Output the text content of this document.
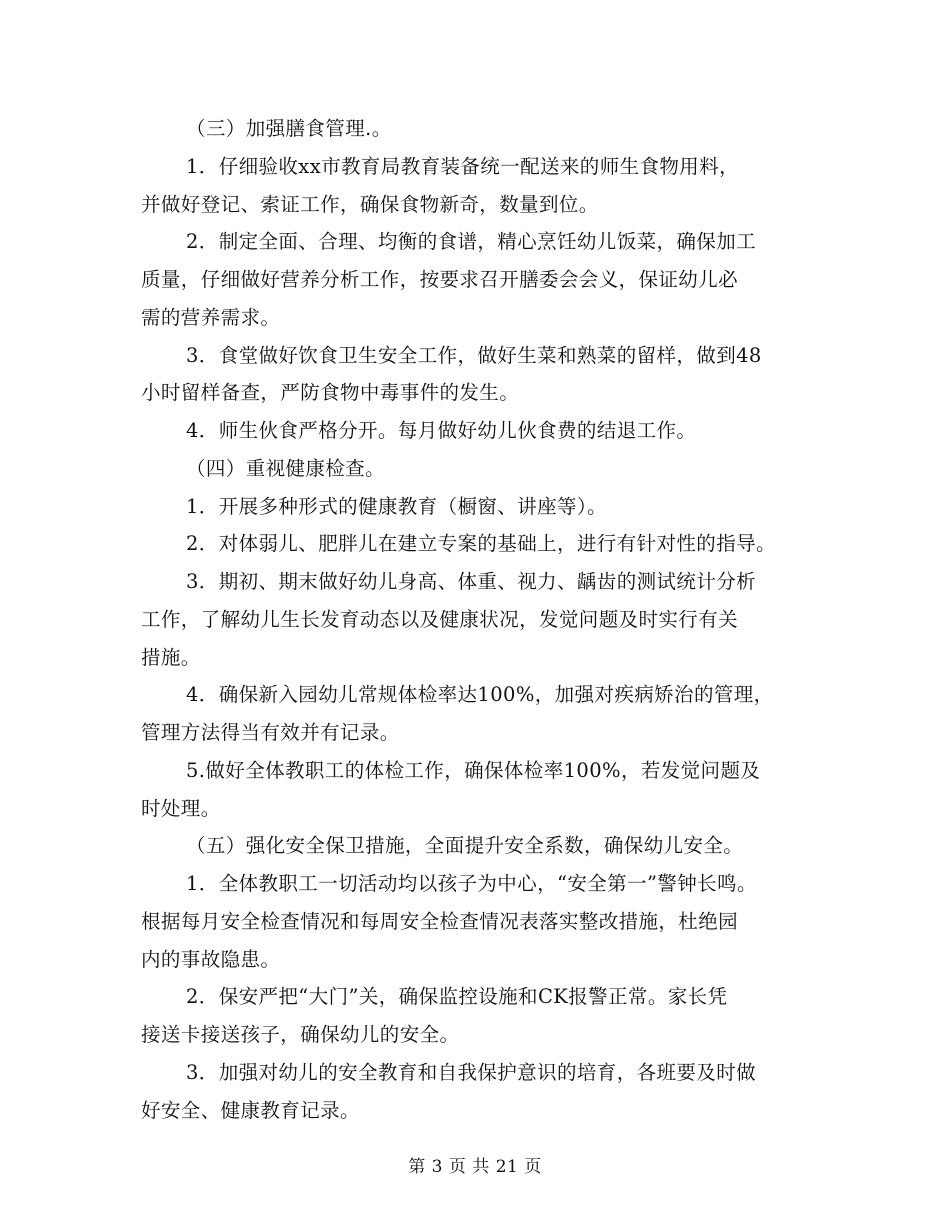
（三）加强膳食管理.。
1．仔细验收xx市教育局教育装备统一配送来的师生食物用料，
并做好登记、索证工作，确保食物新奇，数量到位。
2．制定全面、合理、均衡的食谱，精心烹饪幼儿饭菜，确保加工
质量，仔细做好营养分析工作，按要求召开膳委会会义，保证幼儿必
需的营养需求。
3．食堂做好饮食卫生安全工作，做好生菜和熟菜的留样，做到48
小时留样备查，严防食物中毒事件的发生。
4．师生伙食严格分开。每月做好幼儿伙食费的结退工作。
（四）重视健康检查。
1．开展多种形式的健康教育（橱窗、讲座等）。
2．对体弱儿、肥胖儿在建立专案的基础上，进行有针对性的指导。
3．期初、期末做好幼儿身高、体重、视力、龋齿的测试统计分析
工作，了解幼儿生长发育动态以及健康状况，发觉问题及时实行有关
措施。
4．确保新入园幼儿常规体检率达100%，加强对疾病矫治的管理，
管理方法得当有效并有记录。
5.做好全体教职工的体检工作，确保体检率100%，若发觉问题及
时处理。
（五）强化安全保卫措施，全面提升安全系数，确保幼儿安全。
1．全体教职工一切活动均以孩子为中心，“安全第一”警钟长鸣。
根据每月安全检查情况和每周安全检查情况表落实整改措施，杜绝园
内的事故隐患。
2．保安严把“大门”关，确保监控设施和CK报警正常。家长凭
接送卡接送孩子，确保幼儿的安全。
3．加强对幼儿的安全教育和自我保护意识的培育，各班要及时做
好安全、健康教育记录。
第 3 页 共 21 页
